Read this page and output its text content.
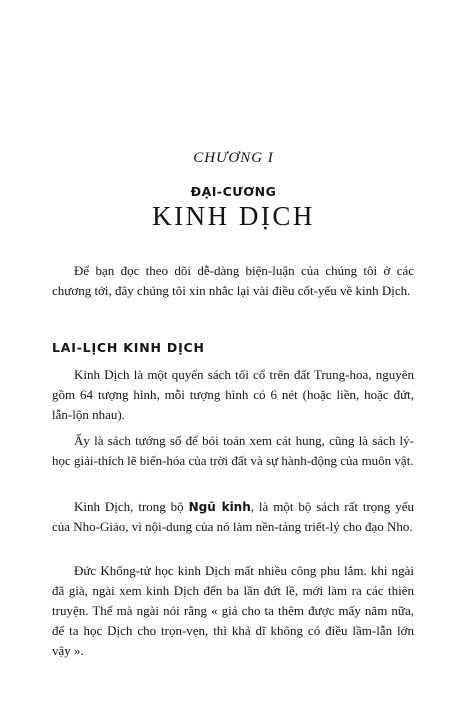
CHƯƠNG I
ĐẠI-CƯƠNG
KINH DỊCH

Để bạn đọc theo dõi dễ-dàng biện-luận của chúng tôi ở các chương tới, đây chúng tôi xin nhắc lại vài điều cốt-yếu về kinh Dịch.

LAI-LỊCH KINH DỊCH

Kinh Dịch là một quyển sách tối cổ trên đất Trung-hoa, nguyên gồm 64 tượng hình, mỗi tượng hình có 6 nét (hoặc liền, hoặc đứt, lẫn-lộn nhau).

Ấy là sách tướng số để bói toán xem cát hung, cũng là sách lý-học giải-thích lẽ biến-hóa của trời đất và sự hành-động của muôn vật.

Kinh Dịch, trong bộ Ngũ kinh, là một bộ sách rất trọng yếu của Nho-Giáo, vì nội-dung của nó làm nền-tảng triết-lý cho đạo Nho.

Đức Khổng-tử học kinh Dịch mất nhiều công phu lắm. khi ngài đã già, ngài xem kinh Dịch đến ba lần đứt lề, mới làm ra các thiên truyện. Thế mà ngài nói rằng « giá cho ta thêm được mấy năm nữa, để ta học Dịch cho trọn-vẹn, thì khả dĩ không có điều lầm-lẫn lớn vậy ».
